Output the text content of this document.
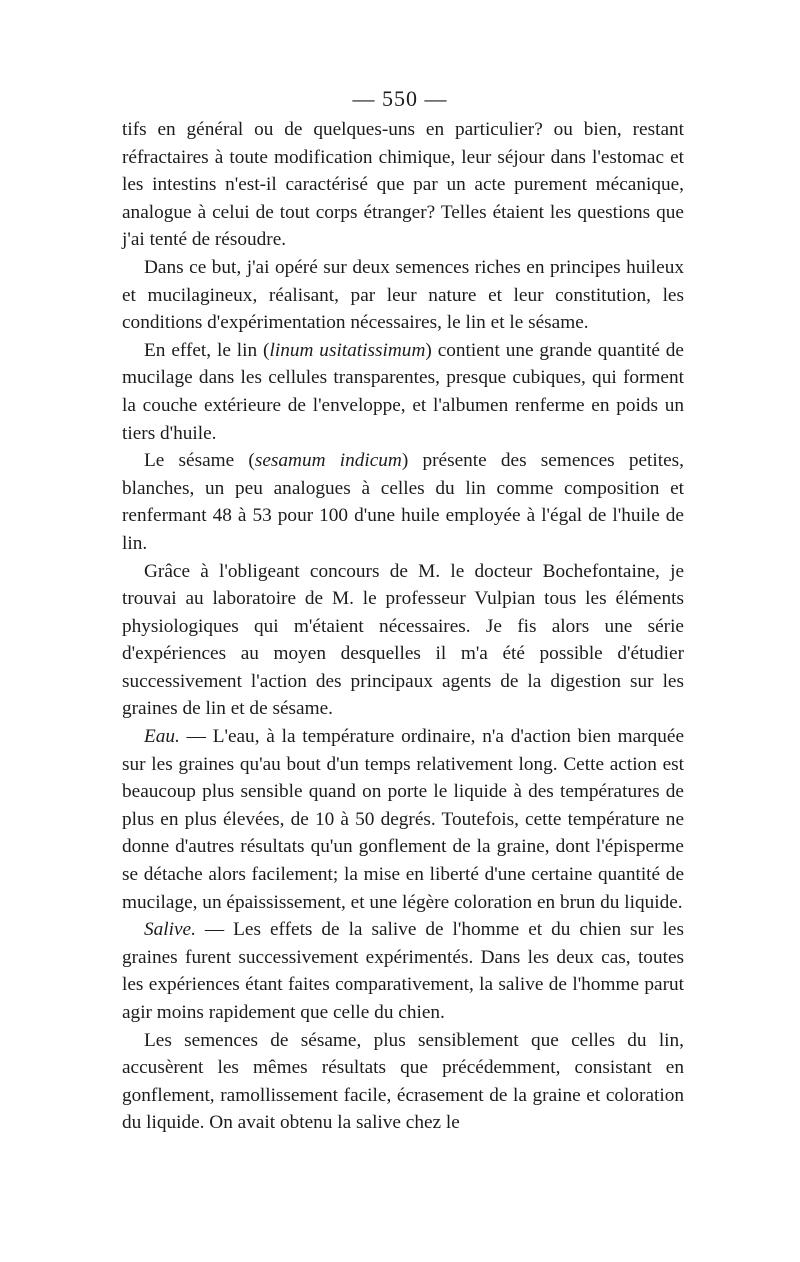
— 550 —

tifs en général ou de quelques-uns en particulier? ou bien, restant réfractaires à toute modification chimique, leur séjour dans l'estomac et les intestins n'est-il caractérisé que par un acte purement mécanique, analogue à celui de tout corps étranger? Telles étaient les questions que j'ai tenté de résoudre.

Dans ce but, j'ai opéré sur deux semences riches en principes huileux et mucilagineux, réalisant, par leur nature et leur constitution, les conditions d'expérimentation nécessaires, le lin et le sésame.

En effet, le lin (linum usitatissimum) contient une grande quantité de mucilage dans les cellules transparentes, presque cubiques, qui forment la couche extérieure de l'enveloppe, et l'albumen renferme en poids un tiers d'huile.

Le sésame (sesamum indicum) présente des semences petites, blanches, un peu analogues à celles du lin comme composition et renfermant 48 à 53 pour 100 d'une huile employée à l'égal de l'huile de lin.

Grâce à l'obligeant concours de M. le docteur Bochefontaine, je trouvai au laboratoire de M. le professeur Vulpian tous les éléments physiologiques qui m'étaient nécessaires. Je fis alors une série d'expériences au moyen desquelles il m'a été possible d'étudier successivement l'action des principaux agents de la digestion sur les graines de lin et de sésame.

Eau. — L'eau, à la température ordinaire, n'a d'action bien marquée sur les graines qu'au bout d'un temps relativement long. Cette action est beaucoup plus sensible quand on porte le liquide à des températures de plus en plus élevées, de 10 à 50 degrés. Toutefois, cette température ne donne d'autres résultats qu'un gonflement de la graine, dont l'épisperme se détache alors facilement; la mise en liberté d'une certaine quantité de mucilage, un épaississement, et une légère coloration en brun du liquide.

Salive. — Les effets de la salive de l'homme et du chien sur les graines furent successivement expérimentés. Dans les deux cas, toutes les expériences étant faites comparativement, la salive de l'homme parut agir moins rapidement que celle du chien.

Les semences de sésame, plus sensiblement que celles du lin, accusèrent les mêmes résultats que précédemment, consistant en gonflement, ramollissement facile, écrasement de la graine et coloration du liquide. On avait obtenu la salive chez le
